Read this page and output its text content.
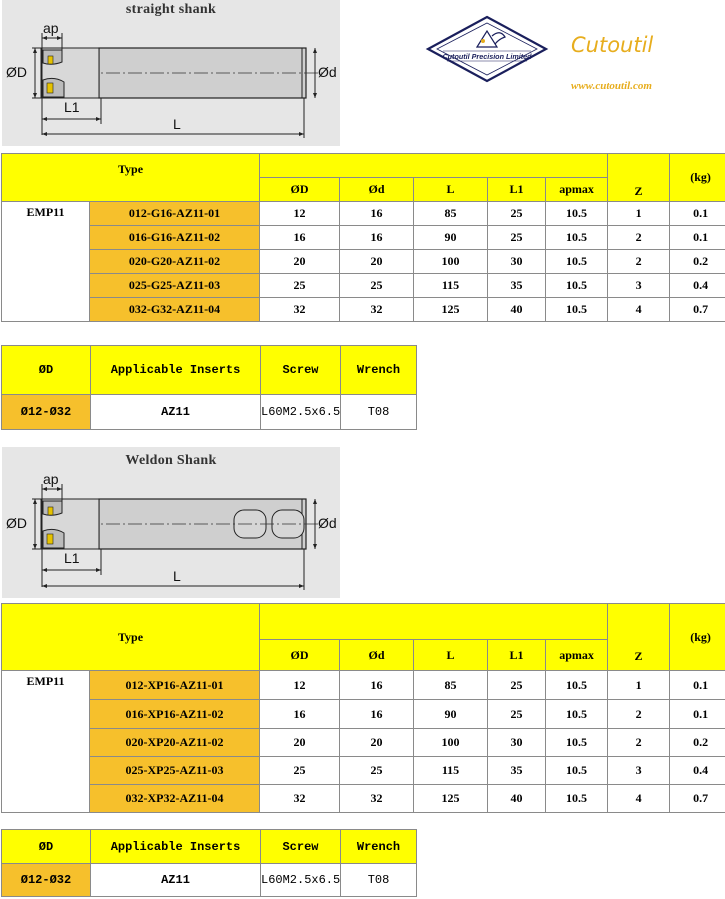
straight shank
ap
ØD	Ød
L1
L
Cutoutil Precision Limited Cutoutil
www.cutoutil.com
Type							Z	(kg)
		ØD	Ød	L	L1	apmax		
EMP11	012-G16-AZ11-01	12	16	85	25	10.5	1	0.1
	016-G16-AZ11-02	16	16	90	25	10.5	2	0.1
	020-G20-AZ11-02	20	20	100	30	10.5	2	0.2
	025-G25-AZ11-03	25	25	115	35	10.5	3	0.4
	032-G32-AZ11-04	32	32	125	40	10.5	4	0.7
ØD	Applicable Inserts	Screw	Wrench
Ø12-Ø32	AZ11	L60M2.5x6.5	T08
Weldon Shank
ap
ØD	Ød
L1
L
Type							Z	(kg)
		ØD	Ød	L	L1	apmax		
EMP11	012-XP16-AZ11-01	12	16	85	25	10.5	1	0.1
	016-XP16-AZ11-02	16	16	90	25	10.5	2	0.1
	020-XP20-AZ11-02	20	20	100	30	10.5	2	0.2
	025-XP25-AZ11-03	25	25	115	35	10.5	3	0.4
	032-XP32-AZ11-04	32	32	125	40	10.5	4	0.7
ØD	Applicable Inserts	Screw	Wrench
Ø12-Ø32	AZ11	L60M2.5x6.5	T08
